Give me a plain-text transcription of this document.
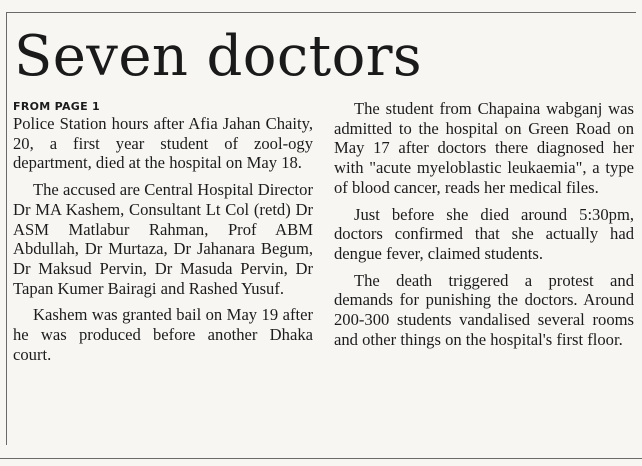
Seven doctors
FROM PAGE 1

Police Station hours after Afia Jahan Chaity, 20, a first year student of zool-ogy department, died at the hospital on May 18.

The accused are Central Hospital Director Dr MA Kashem, Consultant Lt Col (retd) Dr ASM Matlabur Rahman, Prof ABM Abdullah, Dr Murtaza, Dr Jahanara Begum, Dr Maksud Pervin, Dr Masuda Pervin, Dr Tapan Kumer Bairagi and Rashed Yusuf.

Kashem was granted bail on May 19 after he was produced before another Dhaka court.

The student from Chapaina wabganj was admitted to the hospital on Green Road on May 17 after doctors there diagnosed her with "acute myeloblastic leukaemia", a type of blood cancer, reads her medical files.

Just before she died around 5:30pm, doctors confirmed that she actually had dengue fever, claimed students.

The death triggered a protest and demands for punishing the doctors. Around 200-300 students vandalised several rooms and other things on the hospital's first floor.
